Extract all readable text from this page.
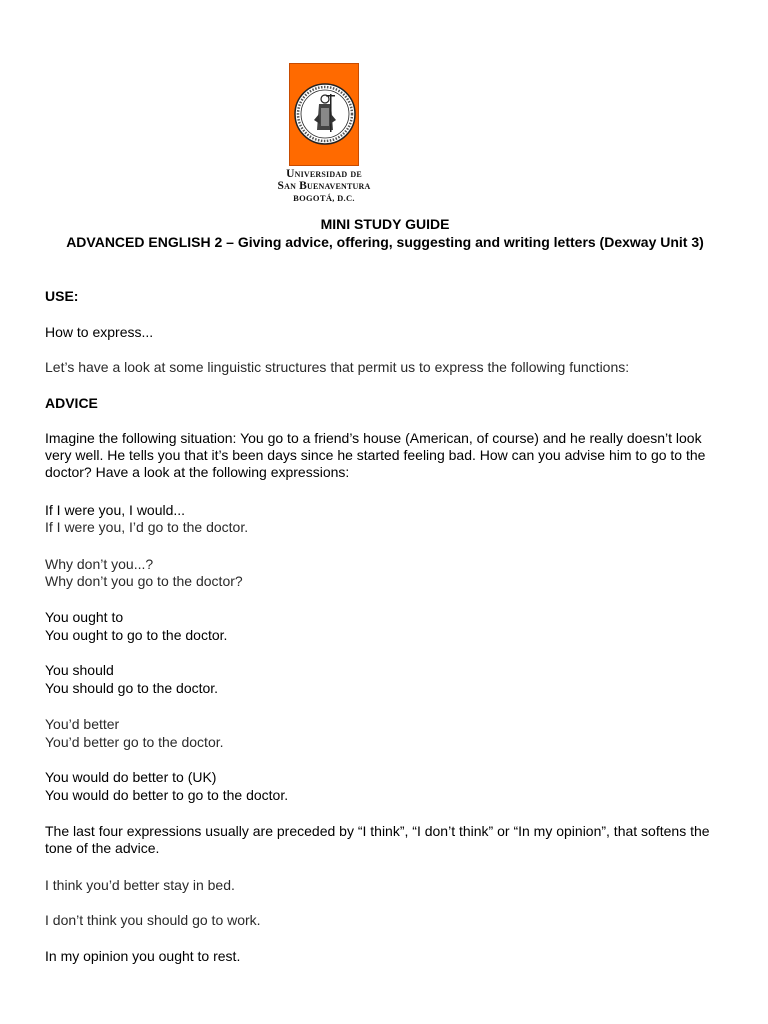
Universidad de
San Buenaventura
BOGOTÁ, D.C.
MINI STUDY GUIDE
ADVANCED ENGLISH 2 – Giving advice, offering, suggesting and writing letters (Dexway Unit 3)
USE:
How to express...
Let’s have a look at some linguistic structures that permit us to express the following functions:
ADVICE
Imagine the following situation: You go to a friend’s house (American, of course) and he really doesn’t look very well. He tells you that it’s been days since he started feeling bad. How can you advise him to go to the doctor? Have a look at the following expressions:
If I were you, I would...
If I were you, I’d go to the doctor.
Why don’t you...?
Why don’t you go to the doctor?
You ought to
You ought to go to the doctor.
You should
You should go to the doctor.
You’d better
You’d better go to the doctor.
You would do better to (UK)
You would do better to go to the doctor.
The last four expressions usually are preceded by “I think”, “I don’t think” or “In my opinion”, that softens the tone of the advice.
I think you’d better stay in bed.
I don’t think you should go to work.
In my opinion you ought to rest.
